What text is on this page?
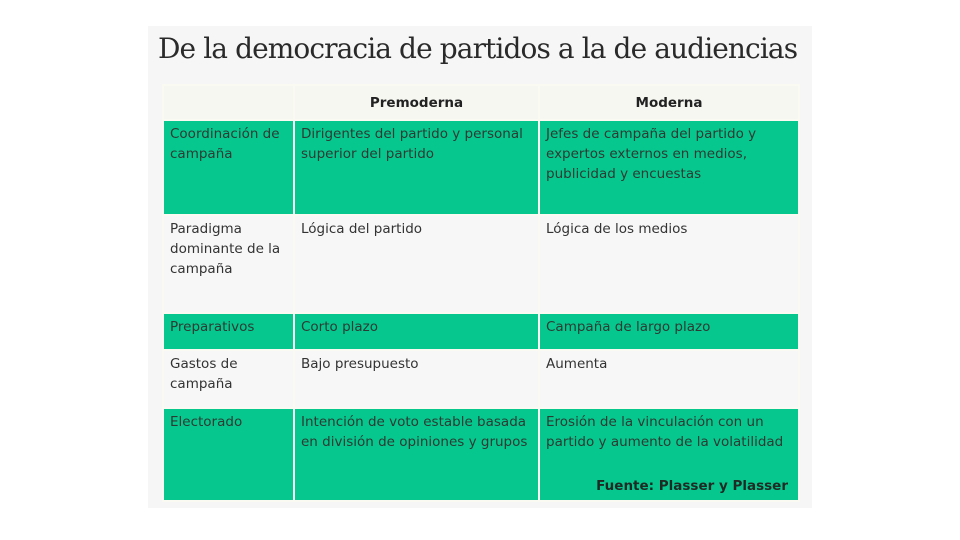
De la democracia de partidos a la de audiencias
	Premoderna	Moderna
Coordinación de campaña	Dirigentes del partido y personal superior del partido	Jefes de campaña del partido y expertos externos en medios, publicidad y encuestas
Paradigma dominante de la campaña	Lógica del partido	Lógica de los medios
Preparativos	Corto plazo	Campaña de largo plazo
Gastos de campaña	Bajo presupuesto	Aumenta
Electorado	Intención de voto estable basada en división de opiniones y grupos	Erosión de la vinculación con un partido y aumento de la volatilidad
Fuente: Plasser y Plasser
